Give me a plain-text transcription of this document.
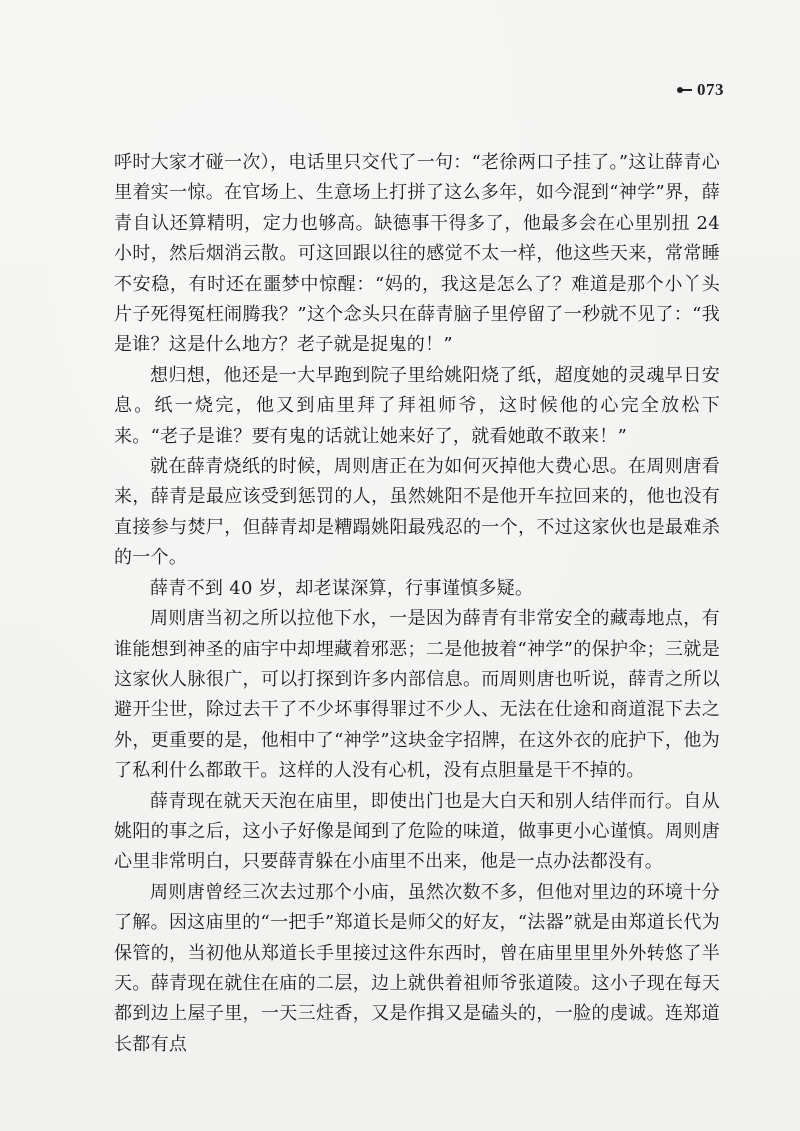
073

呼时大家才碰一次），电话里只交代了一句：“老徐两口子挂了。”这让薛青心里着实一惊。在官场上、生意场上打拼了这么多年，如今混到“神学”界，薛青自认还算精明，定力也够高。缺德事干得多了，他最多会在心里别扭 24 小时，然后烟消云散。可这回跟以往的感觉不太一样，他这些天来，常常睡不安稳，有时还在噩梦中惊醒：“妈的，我这是怎么了？难道是那个小丫头片子死得冤枉闹腾我？”这个念头只在薛青脑子里停留了一秒就不见了：“我是谁？这是什么地方？老子就是捉鬼的！”

想归想，他还是一大早跑到院子里给姚阳烧了纸，超度她的灵魂早日安息。纸一烧完，他又到庙里拜了拜祖师爷，这时候他的心完全放松下来。“老子是谁？要有鬼的话就让她来好了，就看她敢不敢来！”

就在薛青烧纸的时候，周则唐正在为如何灭掉他大费心思。在周则唐看来，薛青是最应该受到惩罚的人，虽然姚阳不是他开车拉回来的，他也没有直接参与焚尸，但薛青却是糟蹋姚阳最残忍的一个，不过这家伙也是最难杀的一个。

薛青不到 40 岁，却老谋深算，行事谨慎多疑。

周则唐当初之所以拉他下水，一是因为薛青有非常安全的藏毒地点，有谁能想到神圣的庙宇中却埋藏着邪恶；二是他披着“神学”的保护伞；三就是这家伙人脉很广，可以打探到许多内部信息。而周则唐也听说，薛青之所以避开尘世，除过去干了不少坏事得罪过不少人、无法在仕途和商道混下去之外，更重要的是，他相中了“神学”这块金字招牌，在这外衣的庇护下，他为了私利什么都敢干。这样的人没有心机，没有点胆量是干不掉的。

薛青现在就天天泡在庙里，即使出门也是大白天和别人结伴而行。自从姚阳的事之后，这小子好像是闻到了危险的味道，做事更小心谨慎。周则唐心里非常明白，只要薛青躲在小庙里不出来，他是一点办法都没有。

周则唐曾经三次去过那个小庙，虽然次数不多，但他对里边的环境十分了解。因这庙里的“一把手”郑道长是师父的好友，“法器”就是由郑道长代为保管的，当初他从郑道长手里接过这件东西时，曾在庙里里里外外转悠了半天。薛青现在就住在庙的二层，边上就供着祖师爷张道陵。这小子现在每天都到边上屋子里，一天三炷香，又是作揖又是磕头的，一脸的虔诚。连郑道长都有点
